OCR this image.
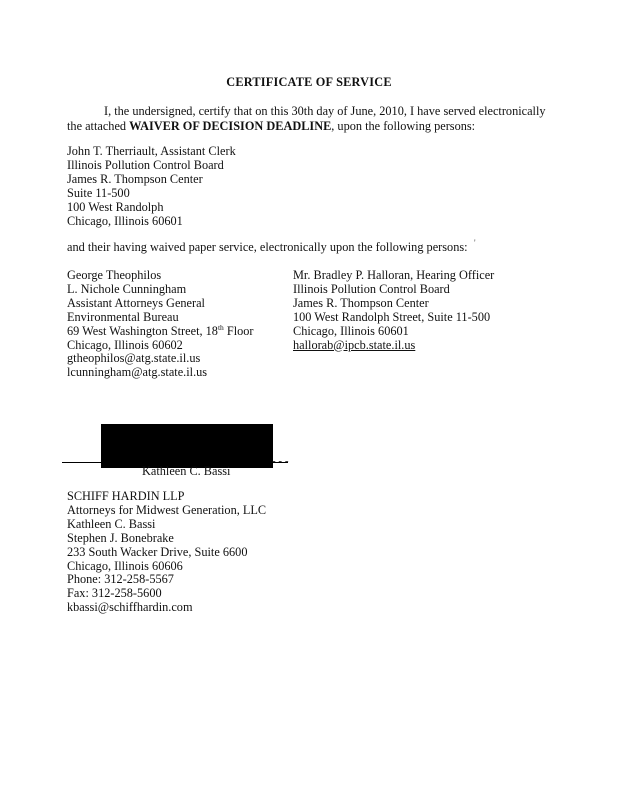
CERTIFICATE OF SERVICE
I, the undersigned, certify that on this 30th day of June, 2010, I have served electronically the attached WAIVER OF DECISION DEADLINE, upon the following persons:
John T. Therriault, Assistant Clerk
Illinois Pollution Control Board
James R. Thompson Center
Suite 11-500
100 West Randolph
Chicago, Illinois 60601
and their having waived paper service, electronically upon the following persons: '
George Theophilos
L. Nichole Cunningham
Assistant Attorneys General
Environmental Bureau
69 West Washington Street, 18th Floor
Chicago, Illinois 60602
gtheophilos@atg.state.il.us
lcunningham@atg.state.il.us
Mr. Bradley P. Halloran, Hearing Officer
Illinois Pollution Control Board
James R. Thompson Center
100 West Randolph Street, Suite 11-500
Chicago, Illinois 60601
hallorab@ipcb.state.il.us
- - -
Kathleen C. Bassi
SCHIFF HARDIN LLP
Attorneys for Midwest Generation, LLC
Kathleen C. Bassi
Stephen J. Bonebrake
233 South Wacker Drive, Suite 6600
Chicago, Illinois 60606
Phone: 312-258-5567
Fax: 312-258-5600
kbassi@schiffhardin.com
